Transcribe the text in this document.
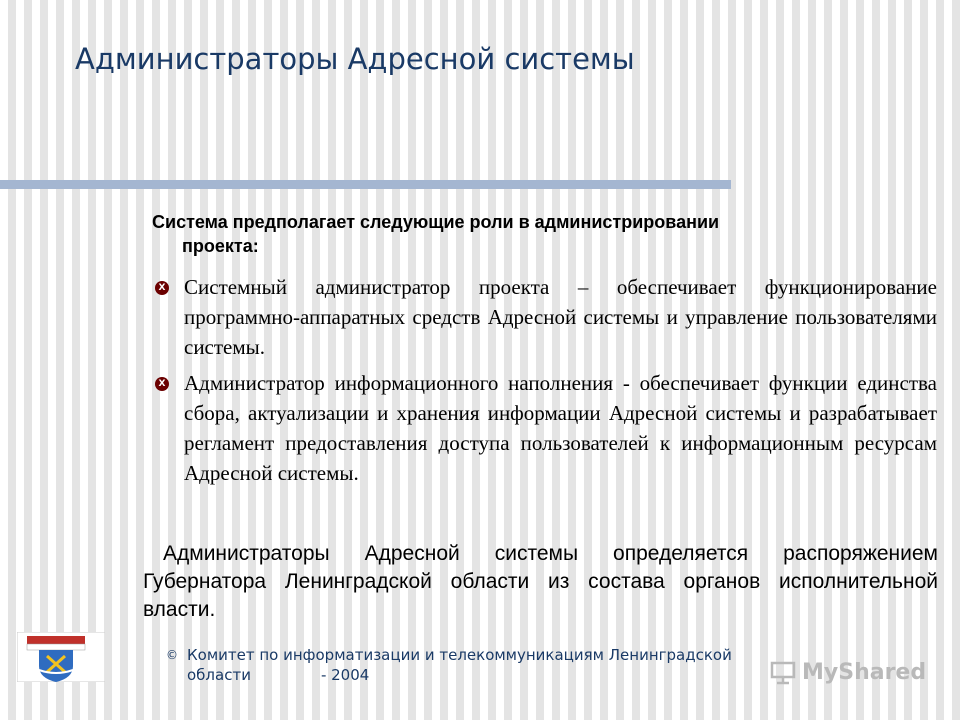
Администраторы Адресной системы
Система предполагает следующие роли в администрировании
проекта:
Ⅹ Системный администратор проекта – обеспечивает функционирование программно-аппаратных средств Адресной системы и управление пользователями системы.
Ⅹ Администратор информационного наполнения - обеспечивает функции единства сбора, актуализации и хранения информации Адресной системы и разрабатывает регламент предоставления доступа пользователей к информационным ресурсам Адресной системы.
Администраторы Адресной системы определяется распоряжением Губернатора Ленинградской области из состава органов исполнительной власти.
© Комитет по информатизации и телекоммуникациям Ленинградской
области	- 2004	MyShared
